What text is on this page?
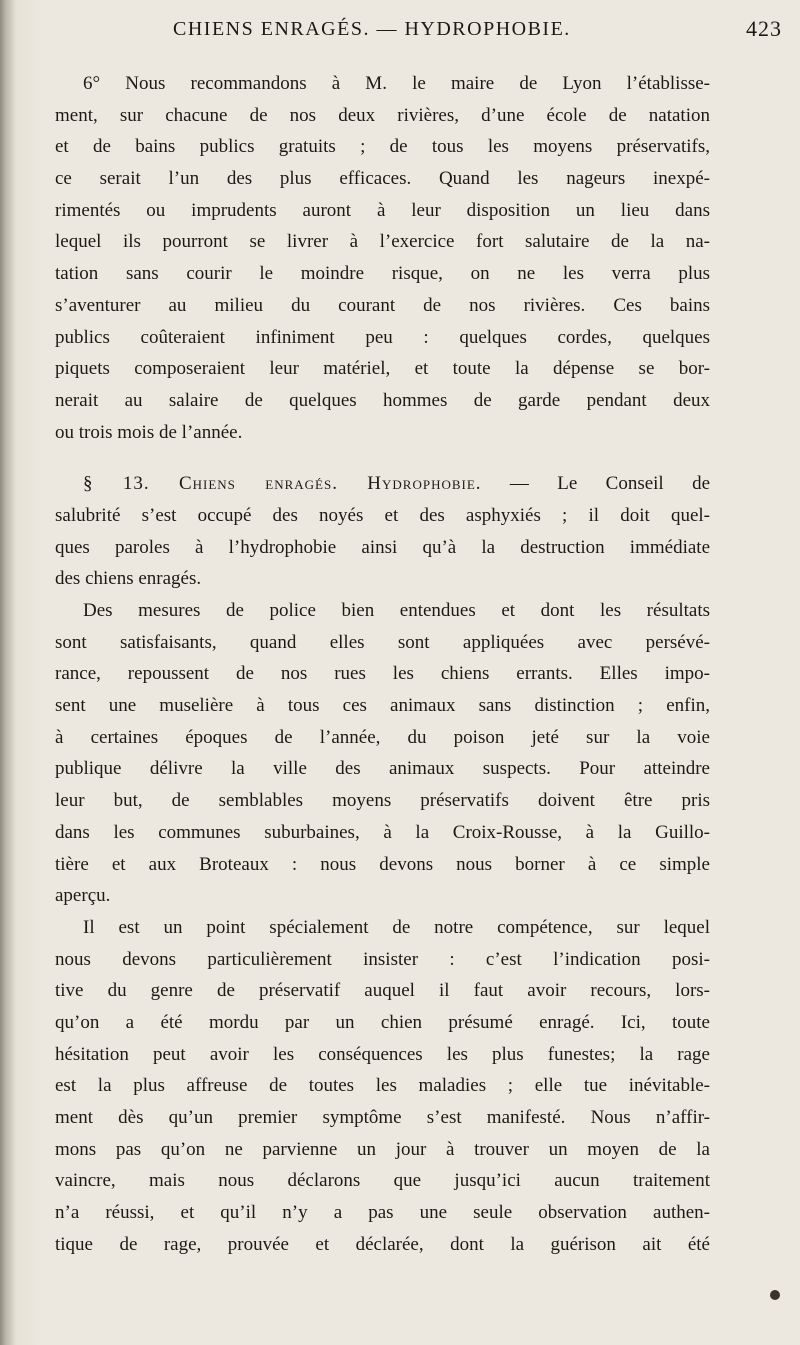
CHIENS ENRAGÉS. — HYDROPHOBIE.	423
6° Nous recommandons à M. le maire de Lyon l’établisse-
ment, sur chacune de nos deux rivières, d’une école de natation
et de bains publics gratuits ; de tous les moyens préservatifs,
ce serait l’un des plus efficaces. Quand les nageurs inexpé-
rimentés ou imprudents auront à leur disposition un lieu dans
lequel ils pourront se livrer à l’exercice fort salutaire de la na-
tation sans courir le moindre risque, on ne les verra plus
s’aventurer au milieu du courant de nos rivières. Ces bains
publics coûteraient infiniment peu : quelques cordes, quelques
piquets composeraient leur matériel, et toute la dépense se bor-
nerait au salaire de quelques hommes de garde pendant deux
ou trois mois de l’année.
§ 13. Chiens enragés. Hydrophobie. — Le Conseil de
salubrité s’est occupé des noyés et des asphyxiés ; il doit quel-
ques paroles à l’hydrophobie ainsi qu’à la destruction immédiate
des chiens enragés.
Des mesures de police bien entendues et dont les résultats
sont satisfaisants, quand elles sont appliquées avec persévé-
rance, repoussent de nos rues les chiens errants. Elles impo-
sent une muselière à tous ces animaux sans distinction ; enfin,
à certaines époques de l’année, du poison jeté sur la voie
publique délivre la ville des animaux suspects. Pour atteindre
leur but, de semblables moyens préservatifs doivent être pris
dans les communes suburbaines, à la Croix-Rousse, à la Guillo-
tière et aux Broteaux : nous devons nous borner à ce simple
aperçu.
Il est un point spécialement de notre compétence, sur lequel
nous devons particulièrement insister : c’est l’indication posi-
tive du genre de préservatif auquel il faut avoir recours, lors-
qu’on a été mordu par un chien présumé enragé. Ici, toute
hésitation peut avoir les conséquences les plus funestes; la rage
est la plus affreuse de toutes les maladies ; elle tue inévitable-
ment dès qu’un premier symptôme s’est manifesté. Nous n’affir-
mons pas qu’on ne parvienne un jour à trouver un moyen de la
vaincre, mais nous déclarons que jusqu’ici aucun traitement
n’a réussi, et qu’il n’y a pas une seule observation authen-
tique de rage, prouvée et déclarée, dont la guérison ait été
